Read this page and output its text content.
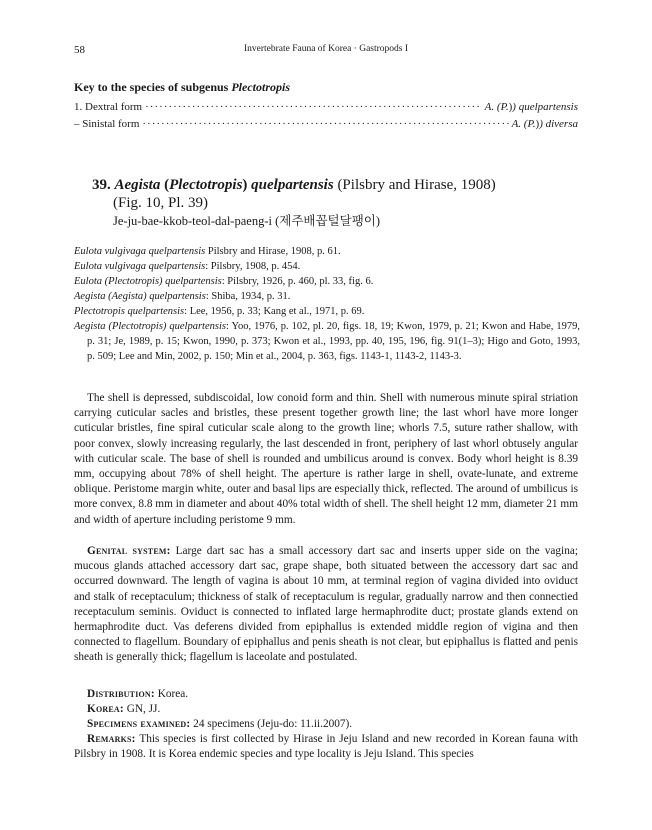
58	Invertebrate Fauna of Korea · Gastropods I
Key to the species of subgenus Plectotropis
1. Dextral form ·····	A. (P.)) quelpartensis
– Sinistal form ·····	A. (P.)) diversa
39. Aegista (Plectotropis) quelpartensis (Pilsbry and Hirase, 1908)
(Fig. 10, Pl. 39)
Je-ju-bae-kkob-teol-dal-paeng-i (제주배꼽털달팽이)
Eulota vulgivaga quelpartensis Pilsbry and Hirase, 1908, p. 61.
Eulota vulgivaga quelpartensis: Pilsbry, 1908, p. 454.
Eulota (Plectotropis) quelpartensis: Pilsbry, 1926, p. 460, pl. 33, fig. 6.
Aegista (Aegista) quelpartensis: Shiba, 1934, p. 31.
Plectotropis quelpartensis: Lee, 1956, p. 33; Kang et al., 1971, p. 69.
Aegista (Plectotropis) quelpartensis: Yoo, 1976, p. 102, pl. 20, figs. 18, 19; Kwon, 1979, p. 21; Kwon and Habe, 1979, p. 31; Je, 1989, p. 15; Kwon, 1990, p. 373; Kwon et al., 1993, pp. 40, 195, 196, fig. 91(1–3); Higo and Goto, 1993, p. 509; Lee and Min, 2002, p. 150; Min et al., 2004, p. 363, figs. 1143-1, 1143-2, 1143-3.

The shell is depressed, subdiscoidal, low conoid form and thin. Shell with numerous minute spiral striation carrying cuticular sacles and bristles, these present together growth line; the last whorl have more longer cuticular bristles, fine spiral cuticular scale along to the growth line; whorls 7.5, suture rather shallow, with poor convex, slowly increasing regularly, the last descended in front, periphery of last whorl obtusely angular with cuticular scale. The base of shell is rounded and umbilicus around is convex. Body whorl height is 8.39 mm, occupying about 78% of shell height. The aperture is rather large in shell, ovate-lunate, and extreme oblique. Peristome margin white, outer and basal lips are especially thick, reflected. The around of umbilicus is more convex, 8.8 mm in diameter and about 40% total width of shell. The shell height 12 mm, diameter 21 mm and width of aperture including peristome 9 mm.

Genital system: Large dart sac has a small accessory dart sac and inserts upper side on the vagina; mucous glands attached accessory dart sac, grape shape, both situated between the accessory dart sac and occurred downward. The length of vagina is about 10 mm, at terminal region of vagina divided into oviduct and stalk of receptaculum; thickness of stalk of receptaculum is regular, gradually narrow and then connectied receptaculum seminis. Oviduct is connected to inflated large hermaphrodite duct; prostate glands extend on hermaphrodite duct. Vas deferens divided from epiphallus is extended middle region of vigina and then connected to flagellum. Boundary of epiphallus and penis sheath is not clear, but epiphallus is flatted and penis sheath is generally thick; flagellum is laceolate and postulated.

Distribution: Korea.
Korea: GN, JJ.
Specimens examined: 24 specimens (Jeju-do: 11.ii.2007).

Remarks: This species is first collected by Hirase in Jeju Island and new recorded in Korean fauna with Pilsbry in 1908. It is Korea endemic species and type locality is Jeju Island. This species
